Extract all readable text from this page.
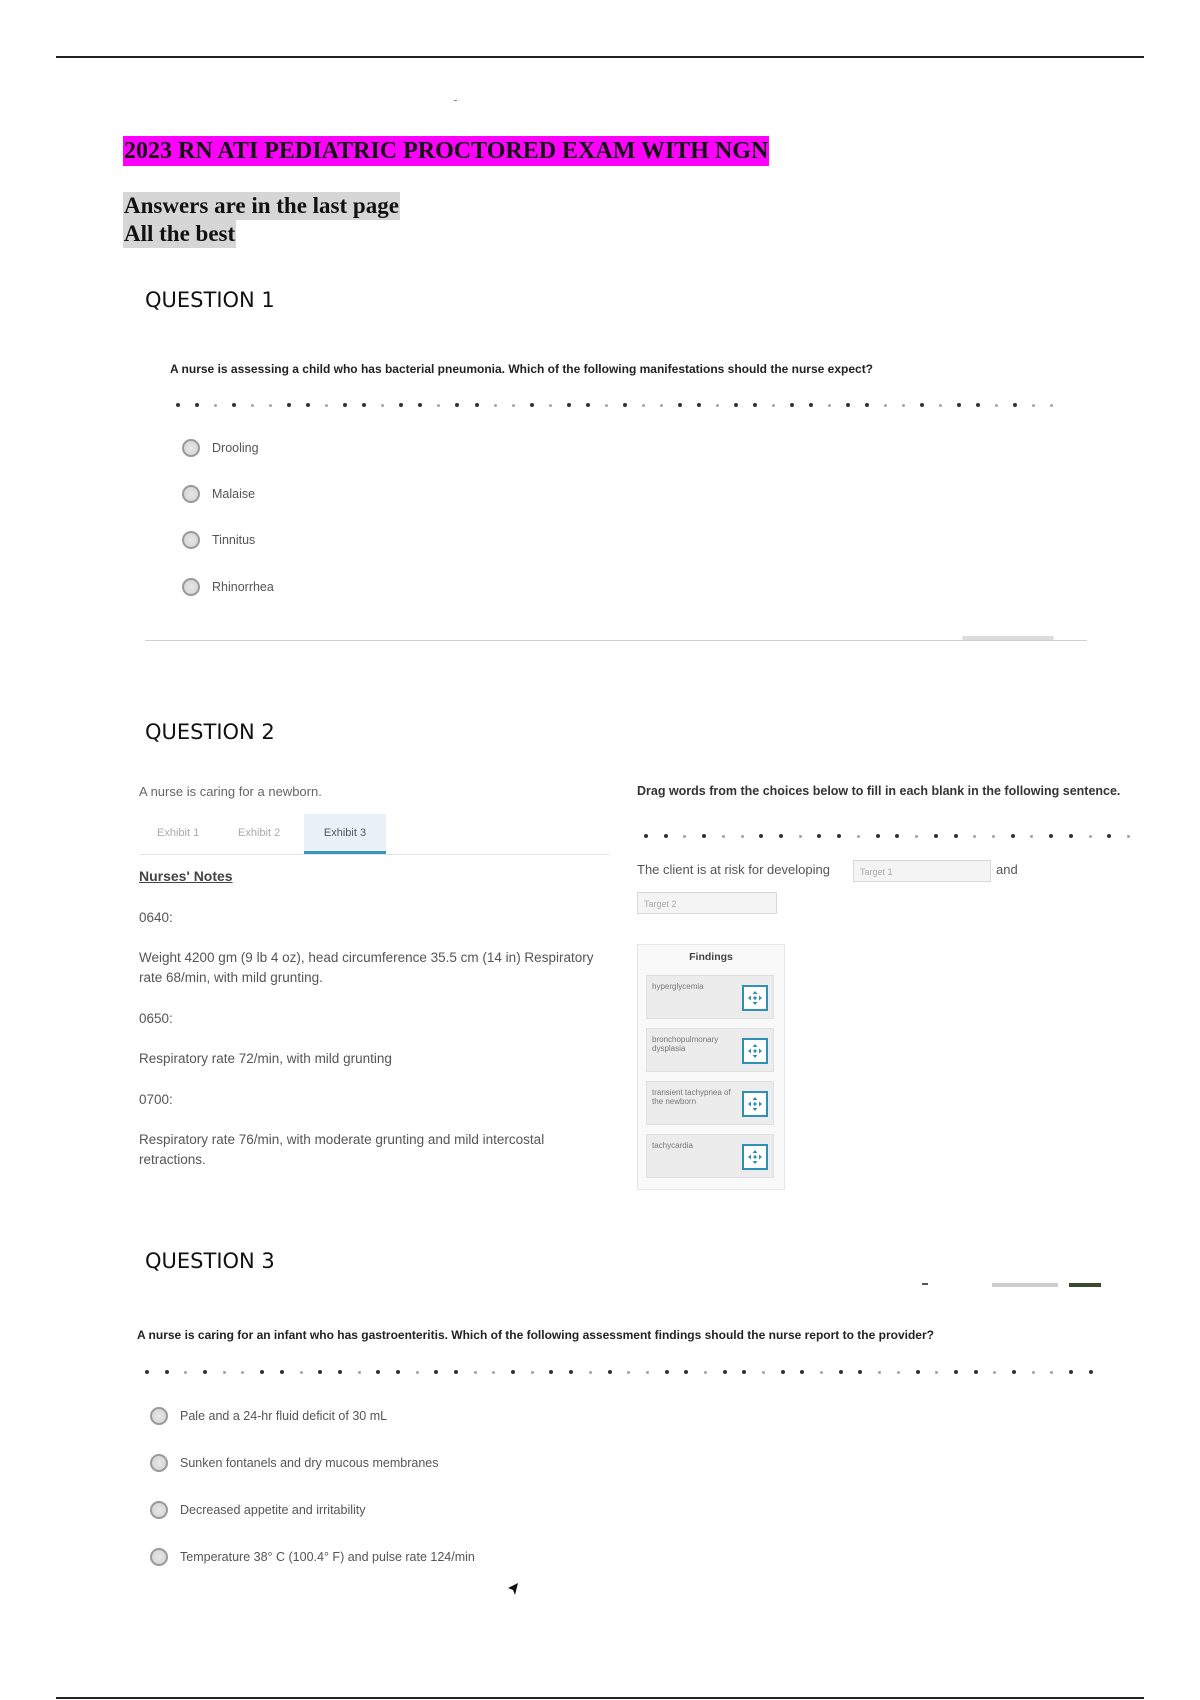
2023 RN ATI PEDIATRIC PROCTORED EXAM WITH NGN

Answers are in the last page

All the best

QUESTION 1

A nurse is assessing a child who has bacterial pneumonia. Which of the following manifestations should the nurse expect?

Drooling
Malaise
Tinnitus
Rhinorrhea
QUESTION 2

A nurse is caring for a newborn.

Exhibit 1	Exhibit 2	Exhibit 3

Nurses' Notes

0640:

Weight 4200 gm (9 lb 4 oz), head circumference 35.5 cm (14 in) Respiratory rate 68/min, with mild grunting.

0650:

Respiratory rate 72/min, with mild grunting

0700:

Respiratory rate 76/min, with moderate grunting and mild intercostal retractions.

Drag words from the choices below to fill in each blank in the following sentence.

The client is at risk for developing	Target 1	and
Target 2
Findings
hyperglycemia
bronchopulmonary dysplasia
transient tachypnea of the newborn
tachycardia
QUESTION 3

A nurse is caring for an infant who has gastroenteritis. Which of the following assessment findings should the nurse report to the provider?

Pale and a 24-hr fluid deficit of 30 mL
Sunken fontanels and dry mucous membranes
Decreased appetite and irritability
Temperature 38° C (100.4° F) and pulse rate 124/min
